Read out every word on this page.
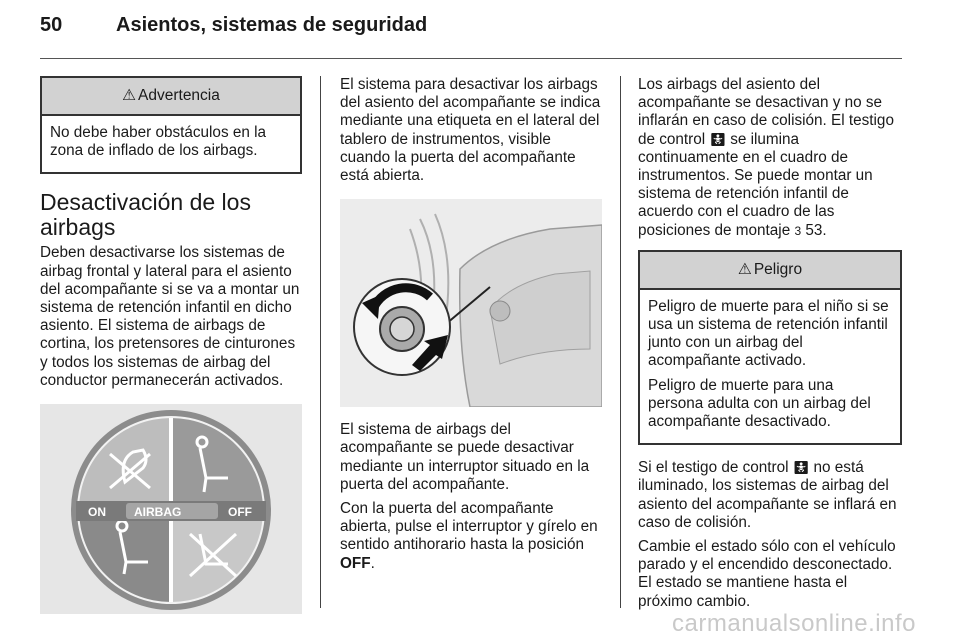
50	Asientos, sistemas de seguridad
⚠ Advertencia

No debe haber obstáculos en la zona de inflado de los airbags.

Desactivación de los airbags

Deben desactivarse los sistemas de airbag frontal y lateral para el asiento del acompañante si se va a montar un sistema de retención infantil en dicho asiento. El sistema de airbags de cortina, los pretensores de cinturones y todos los sistemas de airbag del conductor permanecerán activados.

ON AIRBAG	OFF

El sistema para desactivar los airbags del asiento del acompañante se indica mediante una etiqueta en el lateral del tablero de instrumentos, visible cuando la puerta del acompañante está abierta.

El sistema de airbags del acompañante se puede desactivar mediante un interruptor situado en la puerta del acompañante.

Con la puerta del acompañante abierta, pulse el interruptor y gírelo en sentido antihorario hasta la posición OFF.

Los airbags del asiento del acompañante se desactivan y no se inflarán en caso de colisión. El testigo de control 🚼︎ se ilumina continuamente en el cuadro de instrumentos. Se puede montar un sistema de retención infantil de acuerdo con el cuadro de las posiciones de montaje 3 53.

⚠ Peligro

Peligro de muerte para el niño si se usa un sistema de retención infantil junto con un airbag del acompañante activado.

Peligro de muerte para una persona adulta con un airbag del acompañante desactivado.

Si el testigo de control 🚼︎ no está iluminado, los sistemas de airbag del asiento del acompañante se inflará en caso de colisión.

Cambie el estado sólo con el vehículo parado y el encendido desconectado. El estado se mantiene hasta el próximo cambio.

carmanualsonline.info
